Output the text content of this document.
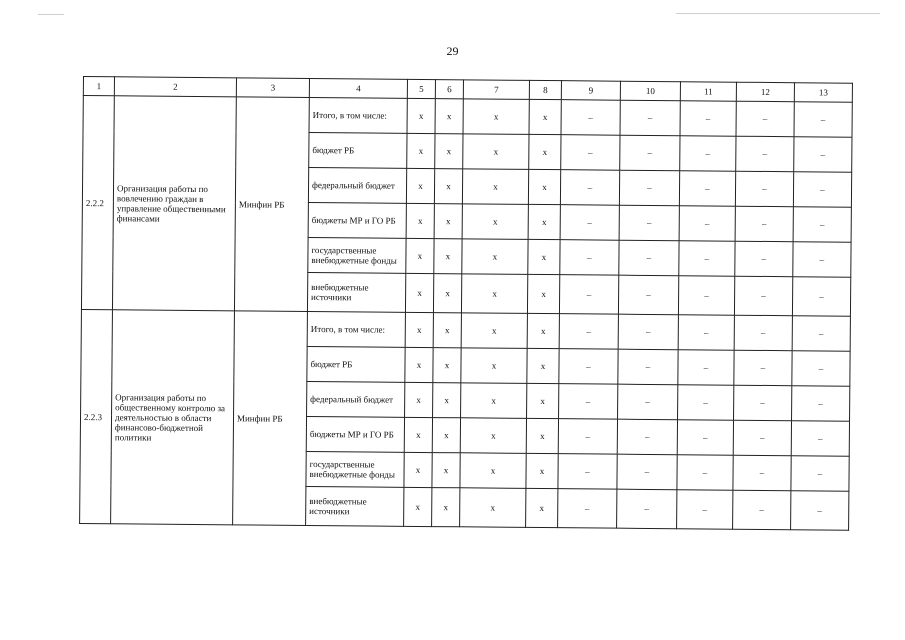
29
1	2	3	4	5	6	7	8	9	10	11	12	13
2.2.2	Организация работы по вовлечению граждан в управление общественными финансами	Минфин РБ	Итого, в том числе:	x	x	x	x	–	–	–	–	–
			бюджет РБ	x	x	x	x	–	–	–	–	–
			федеральный бюджет	x	x	x	x	–	–	–	–	–
			бюджеты МР и ГО РБ	x	x	x	x	–	–	–	–	–
			государственные внебюджетные фонды	x	x	x	x	–	–	–	–	–
			внебюджетные источники	x	x	x	x	–	–	–	–	–
2.2.3	Организация работы по общественному контролю за деятельностью в области финансово-бюджетной политики	Минфин РБ	Итого, в том числе:	x	x	x	x	–	–	–	–	–
			бюджет РБ	x	x	x	x	–	–	–	–	–
			федеральный бюджет	x	x	x	x	–	–	–	–	–
			бюджеты МР и ГО РБ	x	x	x	x	–	–	–	–	–
			государственные внебюджетные фонды	x	x	x	x	–	–	–	–	–
			внебюджетные источники	x	x	x	x	–	–	–	–	–
